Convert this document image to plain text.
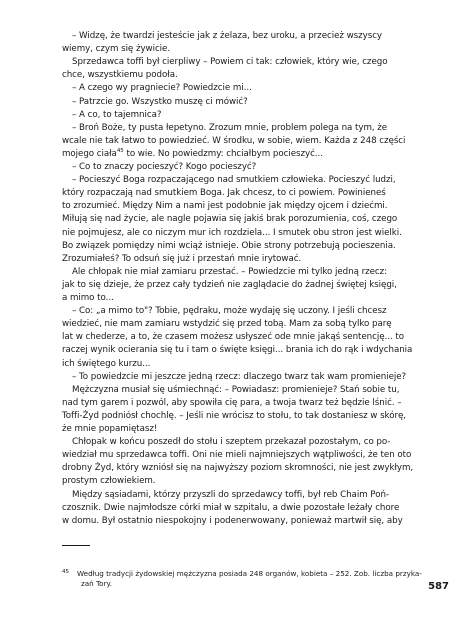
– Widzę, że twardzi jesteście jak z żelaza, bez uroku, a przecież wszyscy
wiemy, czym się żywicie.
Sprzedawca toffi był cierpliwy – Powiem ci tak: człowiek, który wie, czego
chce, wszystkiemu podoła.
– A czego wy pragniecie? Powiedzcie mi...
– Patrzcie go. Wszystko muszę ci mówić?
– A co, to tajemnica?
– Broń Boże, ty pusta łepetyno. Zrozum mnie, problem polega na tym, że
wcale nie tak łatwo to powiedzieć. W środku, w sobie, wiem. Każda z 248 części
mojego ciała$^{45}$ to wie. No powiedzmy: chciałbym pocieszyć...
– Co to znaczy pocieszyć? Kogo pocieszyć?
– Pocieszyć Boga rozpaczającego nad smutkiem człowieka. Pocieszyć ludzi,
który rozpaczają nad smutkiem Boga. Jak chcesz, to ci powiem. Powinieneś
to zrozumieć. Między Nim a nami jest podobnie jak między ojcem i dziećmi.
Miłują się nad życie, ale nagle pojawia się jakiś brak porozumienia, coś, czego
nie pojmujesz, ale co niczym mur ich rozdziela... I smutek obu stron jest wielki.
Bo związek pomiędzy nimi wciąż istnieje. Obie strony potrzebują pocieszenia.
Zrozumiałeś? To odsuń się już i przestań mnie irytować.
Ale chłopak nie miał zamiaru przestać. – Powiedzcie mi tylko jedną rzecz:
jak to się dzieje, że przez cały tydzień nie zaglądacie do żadnej świętej księgi,
a mimo to...
– Co: „a mimo to"? Tobie, pędraku, może wydaję się uczony. I jeśli chcesz
wiedzieć, nie mam zamiaru wstydzić się przed tobą. Mam za sobą tylko parę
lat w chederze, a to, że czasem możesz usłyszeć ode mnie jakąś sentencję... to
raczej wynik ocierania się tu i tam o święte księgi... brania ich do rąk i wdychania
ich świętego kurzu...
– To powiedzcie mi jeszcze jedną rzecz: dlaczego twarz tak wam promienieje?
Mężczyzna musiał się uśmiechnąć: – Powiadasz: promienieje? Stań sobie tu,
nad tym garem i pozwól, aby spowiła cię para, a twoja twarz też będzie lśnić. –
Toffi-Żyd podniósł chochlę. – Jeśli nie wrócisz to stołu, to tak dostaniesz w skórę,
że mnie popamiętasz!
Chłopak w końcu poszedł do stołu i szeptem przekazał pozostałym, co po-
wiedział mu sprzedawca toffi. Oni nie mieli najmniejszych wątpliwości, że ten oto
drobny Żyd, który wzniósł się na najwyższy poziom skromności, nie jest zwykłym,
prostym człowiekiem.
Między sąsiadami, którzy przyszli do sprzedawcy toffi, był reb Chaim Poń-
czosznik. Dwie najmłodsze córki miał w szpitalu, a dwie pozostałe leżały chore
w domu. Był ostatnio niespokojny i podenerwowany, ponieważ martwił się, aby
$^{45}$ Według tradycji żydowskiej mężczyzna posiada 248 organów, kobieta – 252. Zob. liczba przyka-
zań Tory.	587
